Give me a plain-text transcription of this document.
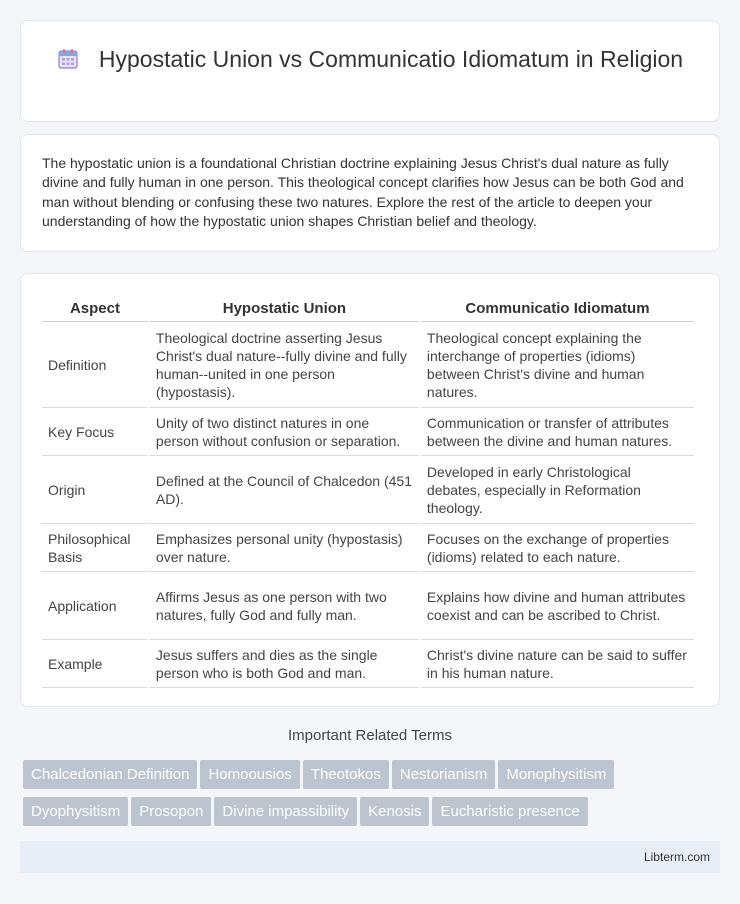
Hypostatic Union vs Communicatio Idiomatum in Religion

The hypostatic union is a foundational Christian doctrine explaining Jesus Christ's dual nature as fully divine and fully human in one person. This theological concept clarifies how Jesus can be both God and man without blending or confusing these two natures. Explore the rest of the article to deepen your understanding of how the hypostatic union shapes Christian belief and theology.

Aspect	Hypostatic Union	Communicatio Idiomatum
Definition	Theological doctrine asserting Jesus Christ's dual nature--fully divine and fully human--united in one person (hypostasis).	Theological concept explaining the interchange of properties (idioms) between Christ's divine and human natures.
Key Focus	Unity of two distinct natures in one person without confusion or separation.	Communication or transfer of attributes between the divine and human natures.
Origin	Defined at the Council of Chalcedon (451 AD).	Developed in early Christological debates, especially in Reformation theology.
Philosophical Basis	Emphasizes personal unity (hypostasis) over nature.	Focuses on the exchange of properties (idioms) related to each nature.
Application	Affirms Jesus as one person with two natures, fully God and fully man.	Explains how divine and human attributes coexist and can be ascribed to Christ.
Example	Jesus suffers and dies as the single person who is both God and man.	Christ's divine nature can be said to suffer in his human nature.
Important Related Terms
Chalcedonian Definition Homoousios Theotokos Nestorianism Monophysitism
Dyophysitism Prosopon Divine impassibility Kenosis Eucharistic presence
Libterm.com
